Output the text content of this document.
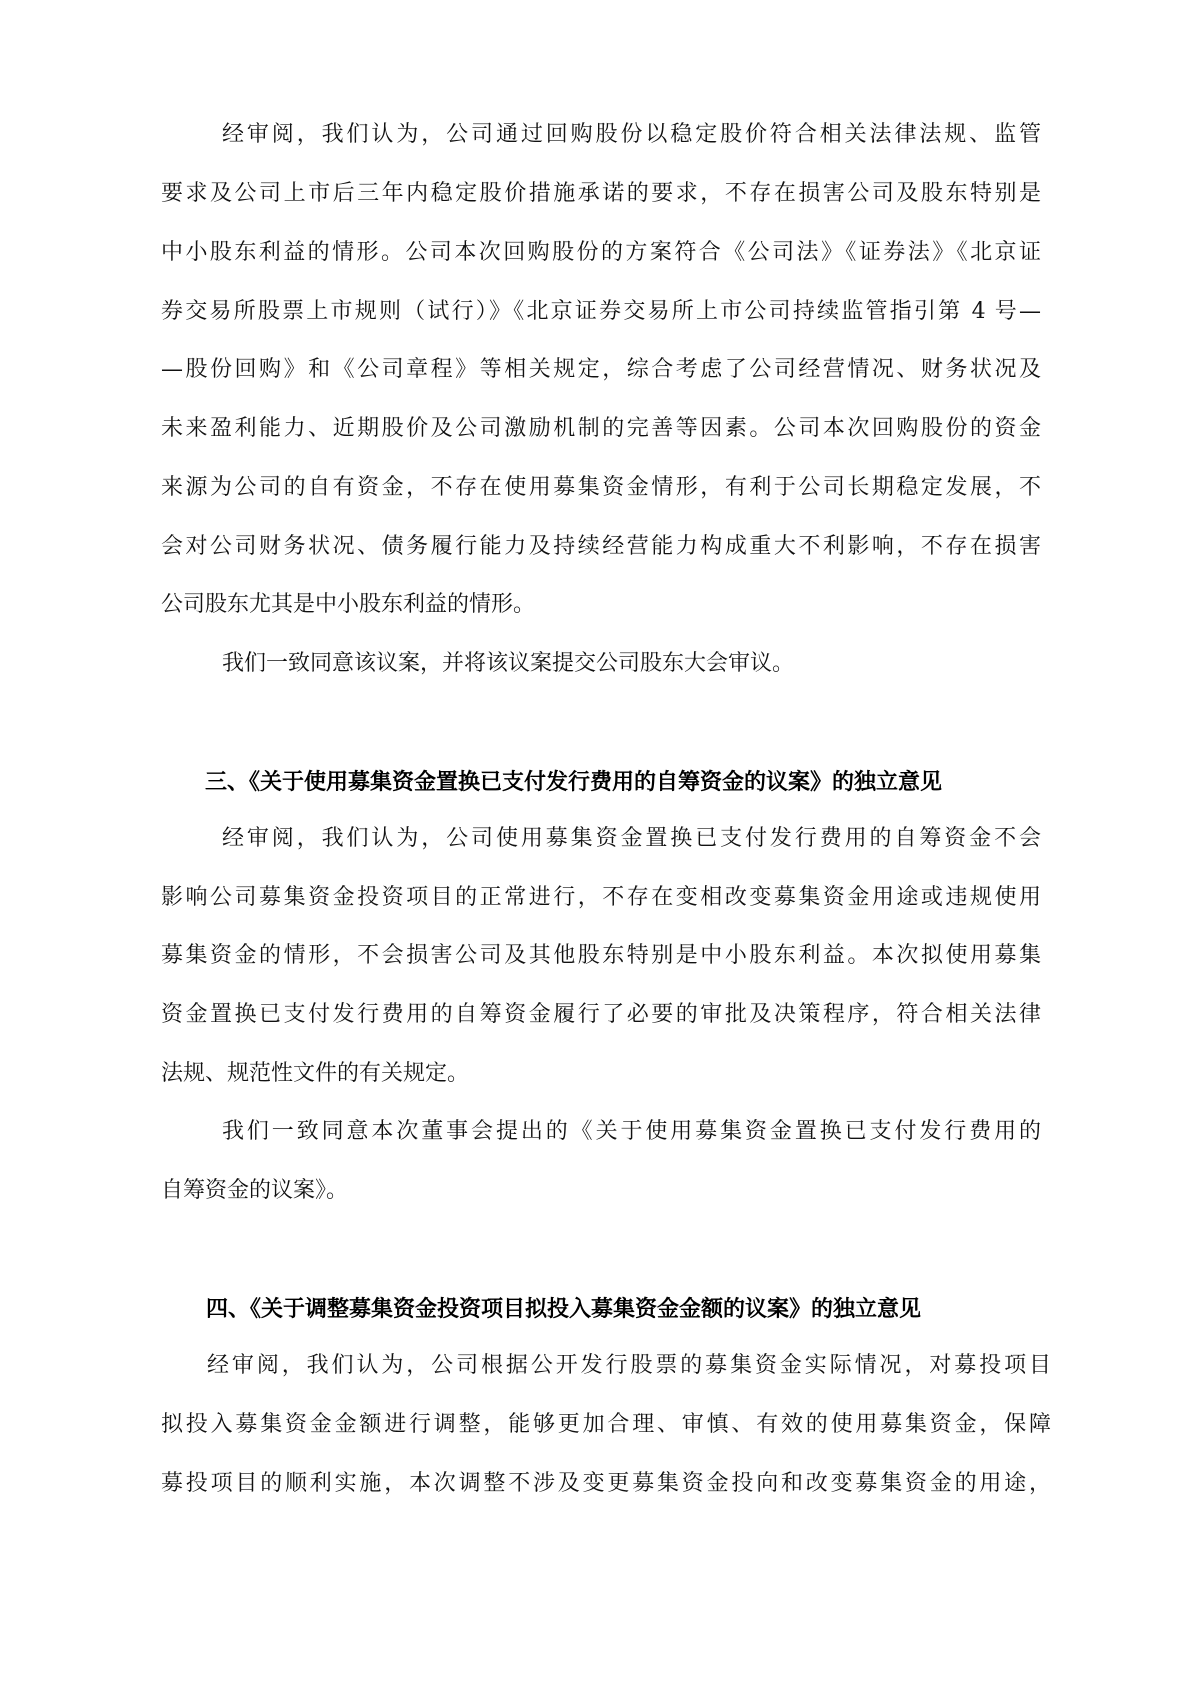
经审阅，我们认为，公司通过回购股份以稳定股价符合相关法律法规、监管
要求及公司上市后三年内稳定股价措施承诺的要求，不存在损害公司及股东特别是
中小股东利益的情形。公司本次回购股份的方案符合《公司法》《证券法》《北京证
券交易所股票上市规则（试行）》《北京证券交易所上市公司持续监管指引第 4 号—
—股份回购》和《公司章程》等相关规定，综合考虑了公司经营情况、财务状况及
未来盈利能力、近期股价及公司激励机制的完善等因素。公司本次回购股份的资金
来源为公司的自有资金，不存在使用募集资金情形，有利于公司长期稳定发展，不
会对公司财务状况、债务履行能力及持续经营能力构成重大不利影响，不存在损害
公司股东尤其是中小股东利益的情形。
我们一致同意该议案，并将该议案提交公司股东大会审议。
三、《关于使用募集资金置换已支付发行费用的自筹资金的议案》的独立意见
经审阅，我们认为，公司使用募集资金置换已支付发行费用的自筹资金不会
影响公司募集资金投资项目的正常进行，不存在变相改变募集资金用途或违规使用
募集资金的情形，不会损害公司及其他股东特别是中小股东利益。本次拟使用募集
资金置换已支付发行费用的自筹资金履行了必要的审批及决策程序，符合相关法律
法规、规范性文件的有关规定。
我们一致同意本次董事会提出的《关于使用募集资金置换已支付发行费用的
自筹资金的议案》。
四、《关于调整募集资金投资项目拟投入募集资金金额的议案》的独立意见
经审阅，我们认为，公司根据公开发行股票的募集资金实际情况，对募投项目
拟投入募集资金金额进行调整，能够更加合理、审慎、有效的使用募集资金，保障
募投项目的顺利实施，本次调整不涉及变更募集资金投向和改变募集资金的用途，
